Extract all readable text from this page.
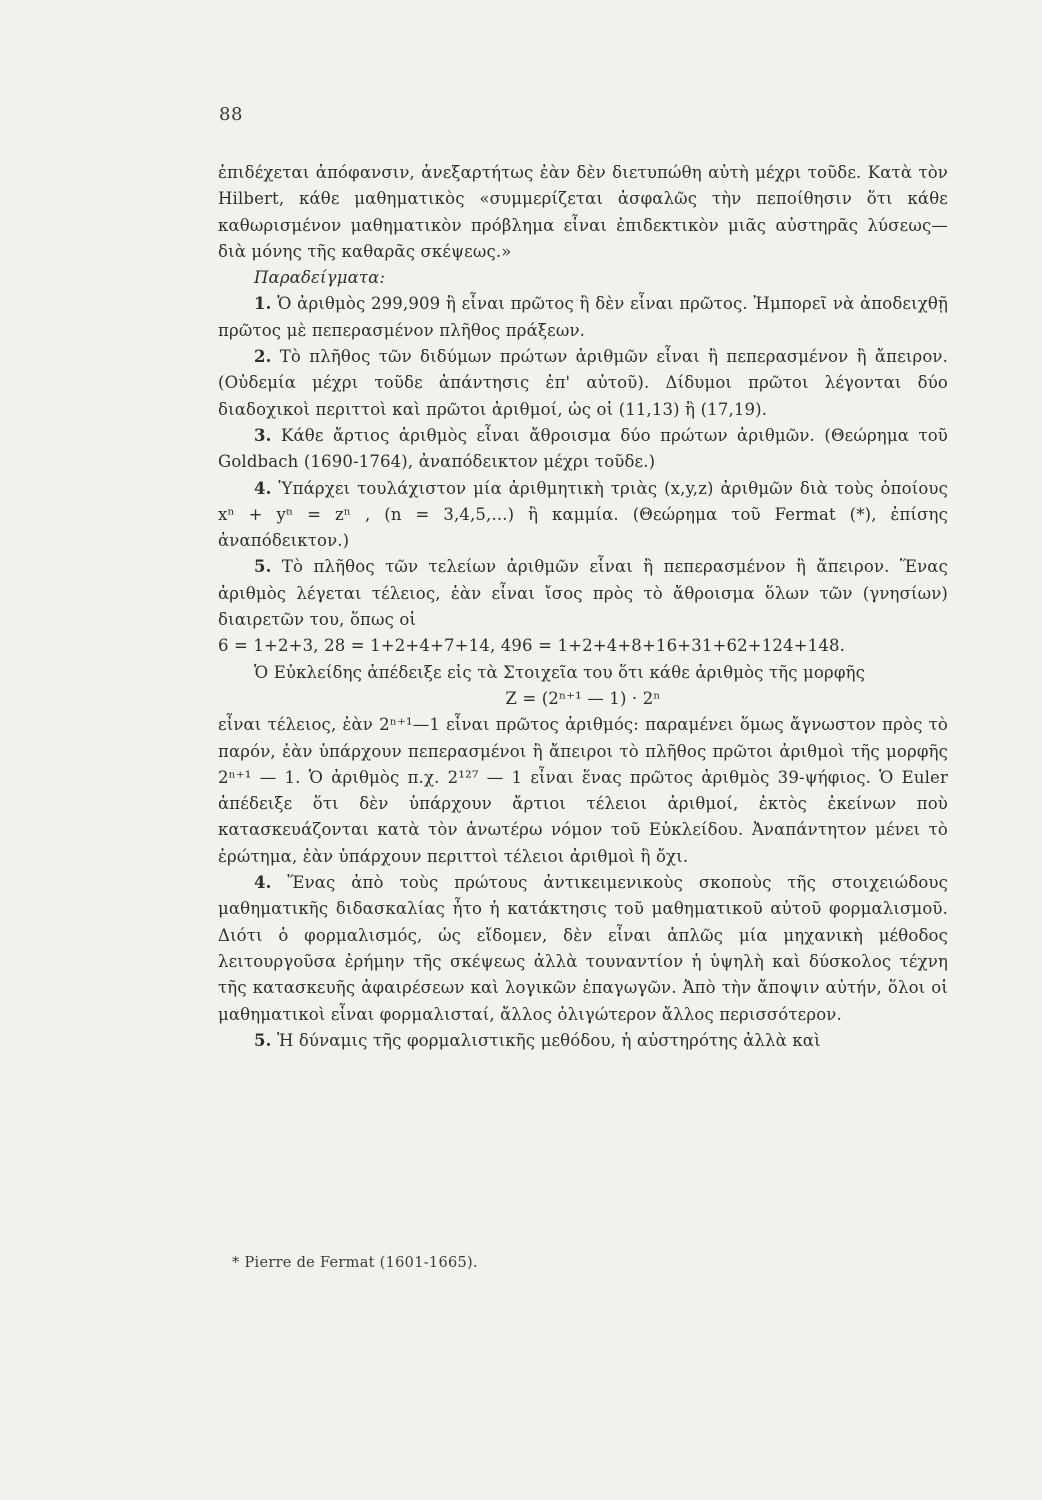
88

ἐπιδέχεται ἀπόφανσιν, ἀνεξαρτήτως ἐὰν δὲν διετυπώθη αὐτὴ μέχρι τοῦδε. Κατὰ τὸν Hilbert, κάθε μαθηματικὸς «συμμερίζεται ἀσφαλῶς τὴν πεποίθησιν ὅτι κάθε καθωρισμένον μαθηματικὸν πρόβλημα εἶναι ἐπιδεκτικὸν μιᾶς αὐστηρᾶς λύσεως—διὰ μόνης τῆς καθαρᾶς σκέψεως.»

Παραδείγματα:

1. Ὁ ἀριθμὸς 299,909 ἢ εἶναι πρῶτος ἢ δὲν εἶναι πρῶτος. Ἠμπορεῖ νὰ ἀποδειχθῇ πρῶτος μὲ πεπερασμένον πλῆθος πράξεων.

2. Τὸ πλῆθος τῶν διδύμων πρώτων ἀριθμῶν εἶναι ἢ πεπερασμένον ἢ ἄπειρον. (Οὐδεμία μέχρι τοῦδε ἀπάντησις ἐπ' αὐτοῦ). Δίδυμοι πρῶτοι λέγονται δύο διαδοχικοὶ περιττοὶ καὶ πρῶτοι ἀριθμοί, ὡς οἱ (11,13) ἢ (17,19).

3. Κάθε ἄρτιος ἀριθμὸς εἶναι ἄθροισμα δύο πρώτων ἀριθμῶν. (Θεώρημα τοῦ Goldbach (1690-1764), ἀναπόδεικτον μέχρι τοῦδε.)

4. Ὑπάρχει τουλάχιστον μία ἀριθμητικὴ τριὰς (x,y,z) ἀριθμῶν διὰ τοὺς ὁποίους xⁿ + yⁿ = zⁿ , (n = 3,4,5,...) ἢ καμμία. (Θεώρημα τοῦ Fermat (*), ἐπίσης ἀναπόδεικτον.)

5. Τὸ πλῆθος τῶν τελείων ἀριθμῶν εἶναι ἢ πεπερασμένον ἢ ἄπειρον. Ἕνας ἀριθμὸς λέγεται τέλειος, ἐὰν εἶναι ἴσος πρὸς τὸ ἄθροισμα ὅλων τῶν (γνησίων) διαιρετῶν του, ὅπως οἱ

6 = 1+2+3, 28 = 1+2+4+7+14, 496 = 1+2+4+8+16+31+62+124+148.

Ὁ Εὐκλείδης ἀπέδειξε εἰς τὰ Στοιχεῖα του ὅτι κάθε ἀριθμὸς τῆς μορφῆς

Z = (2ⁿ⁺¹ — 1) · 2ⁿ

εἶναι τέλειος, ἐὰν 2ⁿ⁺¹—1 εἶναι πρῶτος ἀριθμός: παραμένει ὅμως ἄγνωστον πρὸς τὸ παρόν, ἐὰν ὑπάρχουν πεπερασμένοι ἢ ἄπειροι τὸ πλῆθος πρῶτοι ἀριθμοὶ τῆς μορφῆς 2ⁿ⁺¹ — 1. Ὁ ἀριθμὸς π.χ. 2¹²⁷ — 1 εἶναι ἕνας πρῶτος ἀριθμὸς 39-ψήφιος. Ὁ Euler ἀπέδειξε ὅτι δὲν ὑπάρχουν ἄρτιοι τέλειοι ἀριθμοί, ἐκτὸς ἐκείνων ποὺ κατασκευάζονται κατὰ τὸν ἀνωτέρω νόμον τοῦ Εὐκλείδου. Ἀναπάντητον μένει τὸ ἐρώτημα, ἐὰν ὑπάρχουν περιττοὶ τέλειοι ἀριθμοὶ ἢ ὄχι.

4. Ἕνας ἀπὸ τοὺς πρώτους ἀντικειμενικοὺς σκοποὺς τῆς στοιχειώδους μαθηματικῆς διδασκαλίας ἦτο ἡ κατάκτησις τοῦ μαθηματικοῦ αὐτοῦ φορμαλισμοῦ. Διότι ὁ φορμαλισμός, ὡς εἴδομεν, δὲν εἶναι ἁπλῶς μία μηχανικὴ μέθοδος λειτουργοῦσα ἐρήμην τῆς σκέψεως ἀλλὰ τουναντίον ἡ ὑψηλὴ καὶ δύσκολος τέχνη τῆς κατασκευῆς ἀφαιρέσεων καὶ λογικῶν ἐπαγωγῶν. Ἀπὸ τὴν ἄποψιν αὐτήν, ὅλοι οἱ μαθηματικοὶ εἶναι φορμαλισταί, ἄλλος ὀλιγώτερον ἄλλος περισσότερον.

5. Ἡ δύναμις τῆς φορμαλιστικῆς μεθόδου, ἡ αὐστηρότης ἀλλὰ καὶ

* Pierre de Fermat (1601-1665).
